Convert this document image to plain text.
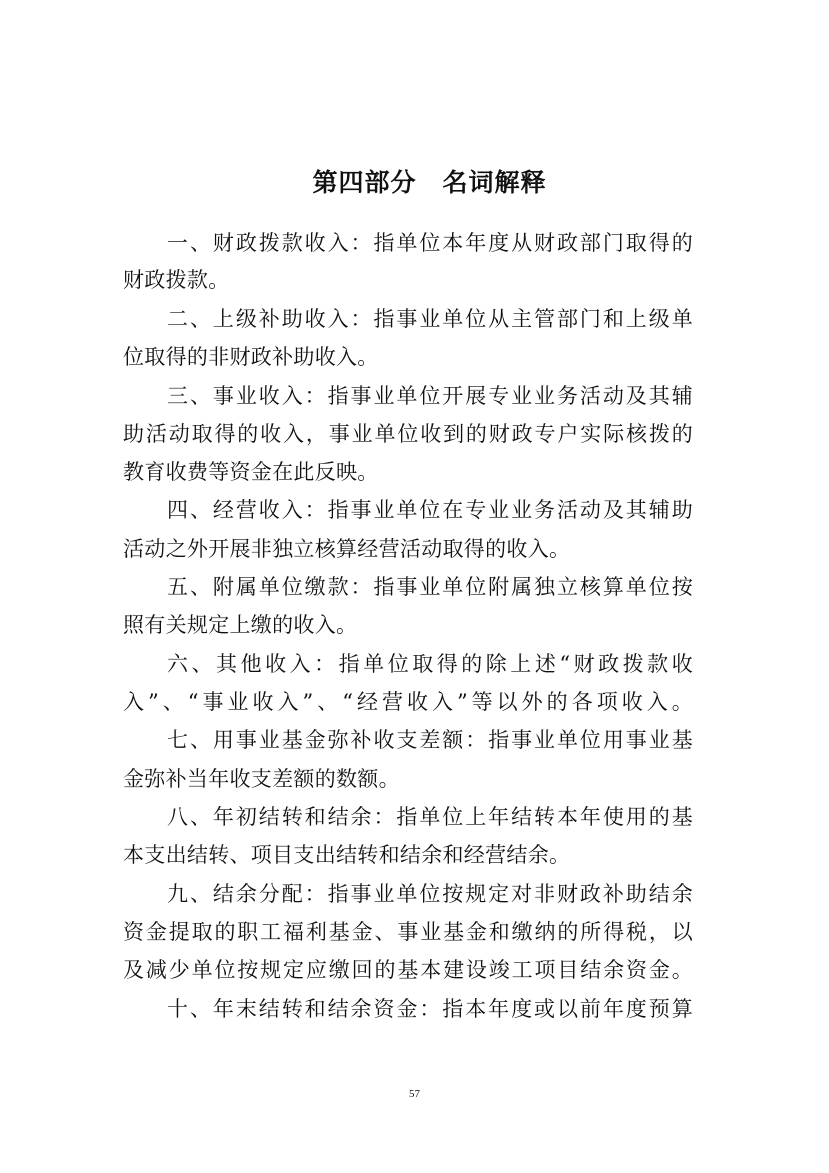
第四部分　名词解释
一、财政拨款收入：指单位本年度从财政部门取得的
财政拨款。
二、上级补助收入：指事业单位从主管部门和上级单
位取得的非财政补助收入。
三、事业收入：指事业单位开展专业业务活动及其辅
助活动取得的收入，事业单位收到的财政专户实际核拨的
教育收费等资金在此反映。
四、经营收入：指事业单位在专业业务活动及其辅助
活动之外开展非独立核算经营活动取得的收入。
五、附属单位缴款：指事业单位附属独立核算单位按
照有关规定上缴的收入。
六、其他收入：指单位取得的除上述“财政拨款收
入”、“事业收入”、“经营收入”等以外的各项收入。
七、用事业基金弥补收支差额：指事业单位用事业基
金弥补当年收支差额的数额。
八、年初结转和结余：指单位上年结转本年使用的基
本支出结转、项目支出结转和结余和经营结余。
九、结余分配：指事业单位按规定对非财政补助结余
资金提取的职工福利基金、事业基金和缴纳的所得税，以
及减少单位按规定应缴回的基本建设竣工项目结余资金。
十、年末结转和结余资金：指本年度或以前年度预算
57
